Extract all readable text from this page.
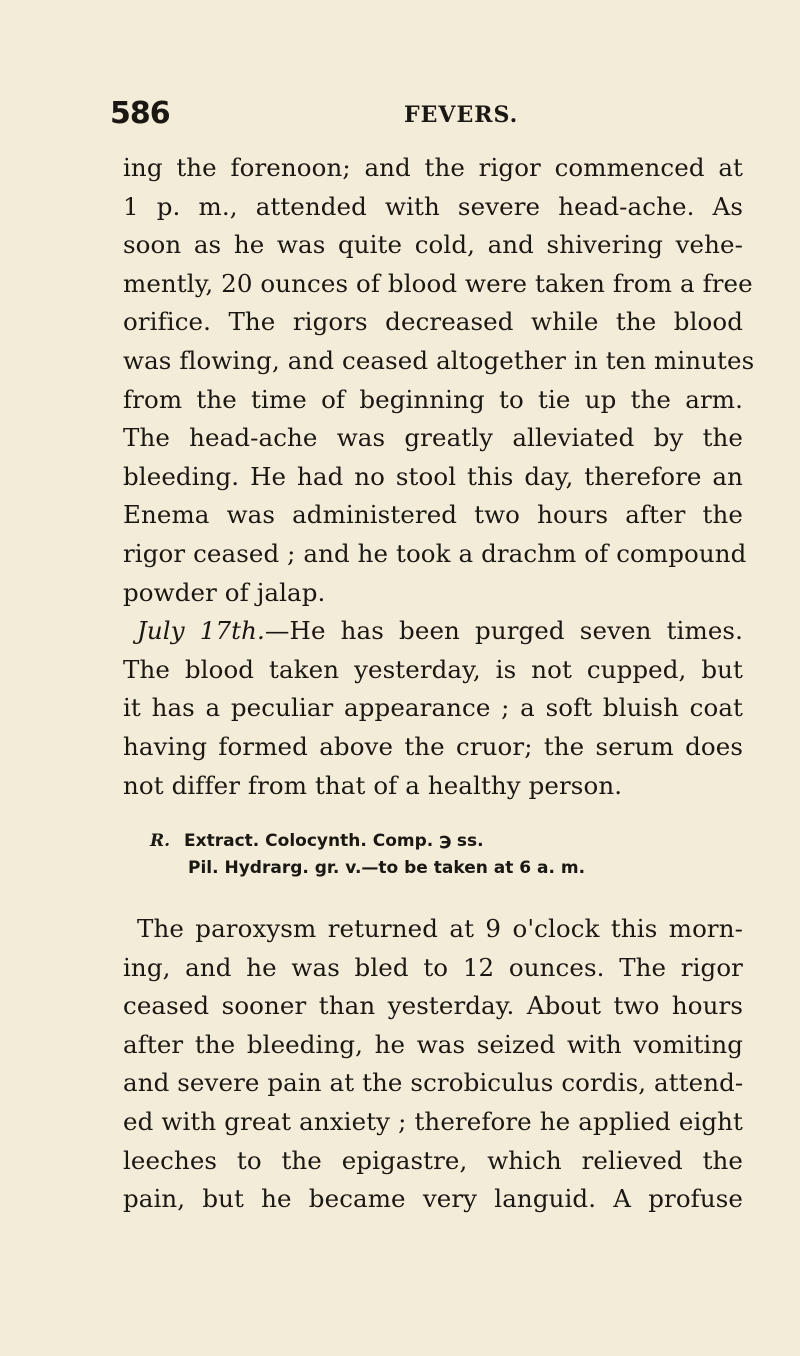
586	FEVERS.
ing the forenoon; and the rigor commenced at
1 p. m., attended with severe head-ache. As
soon as he was quite cold, and shivering vehe-
mently, 20 ounces of blood were taken from a free
orifice. The rigors decreased while the blood
was flowing, and ceased altogether in ten minutes
from the time of beginning to tie up the arm.
The head-ache was greatly alleviated by the
bleeding. He had no stool this day, therefore an
Enema was administered two hours after the
rigor ceased ; and he took a drachm of compound
powder of jalap.
July 17th.—He has been purged seven times.
The blood taken yesterday, is not cupped, but
it has a peculiar appearance ; a soft bluish coat
having formed above the cruor; the serum does
not differ from that of a healthy person.
R. Extract. Colocynth. Comp. ℈ ss.
Pil. Hydrarg. gr. v.—to be taken at 6 a. m.
The paroxysm returned at 9 o'clock this morn-
ing, and he was bled to 12 ounces. The rigor
ceased sooner than yesterday. About two hours
after the bleeding, he was seized with vomiting
and severe pain at the scrobiculus cordis, attend-
ed with great anxiety ; therefore he applied eight
leeches to the epigastre, which relieved the
pain, but he became very languid. A profuse
